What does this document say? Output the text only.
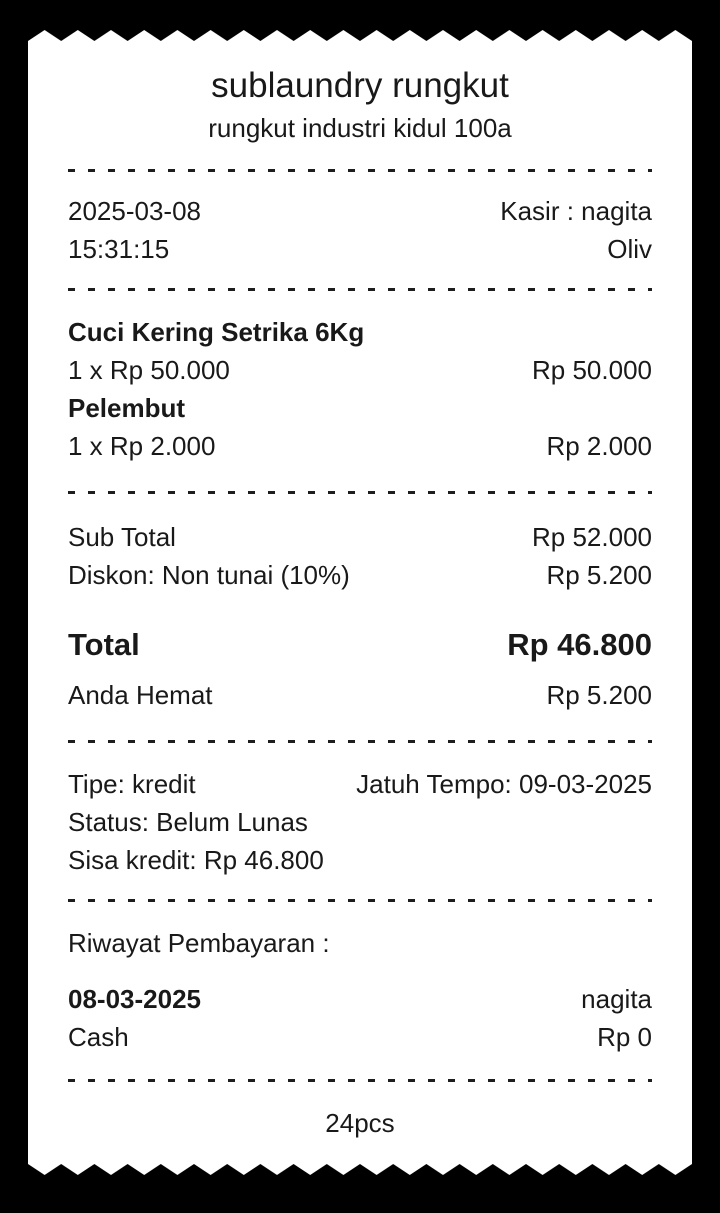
sublaundry rungkut
rungkut industri kidul 100a
2025-03-08	Kasir : nagita
15:31:15	Oliv
Cuci Kering Setrika 6Kg
1 x Rp 50.000	Rp 50.000
Pelembut
1 x Rp 2.000	Rp 2.000
Sub Total	Rp 52.000
Diskon: Non tunai (10%)	Rp 5.200
Total	Rp 46.800
Anda Hemat	Rp 5.200
Tipe: kredit	Jatuh Tempo: 09-03-2025
Status: Belum Lunas
Sisa kredit: Rp 46.800
Riwayat Pembayaran :
08-03-2025	nagita
Cash	Rp 0
24pcs
